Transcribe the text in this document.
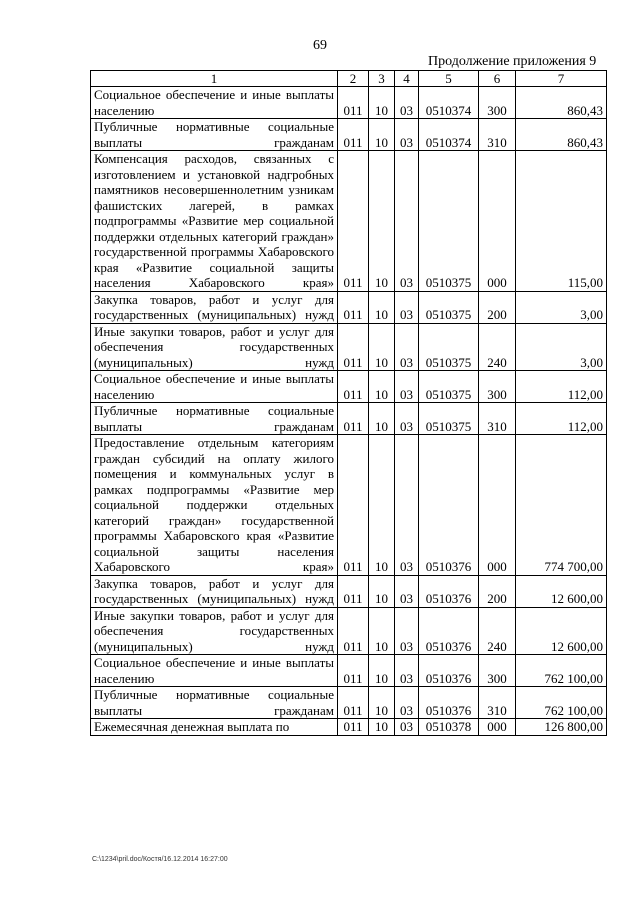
69
Продолжение приложения 9
1	2	3	4	5	6	7
Социальное обеспечение и иные выплаты населению	011	10	03	0510374	300	860,43
Публичные нормативные социальные выплаты гражданам	011	10	03	0510374	310	860,43
Компенсация расходов, связанных с изготовлением и установкой надгробных памятников несовершеннолетним узникам фашистских лагерей, в рамках подпрограммы «Развитие мер социальной поддержки отдельных категорий граждан» государственной программы Хабаровского края «Развитие социальной защиты населения Хабаровского края»	011	10	03	0510375	000	115,00
Закупка товаров, работ и услуг для государственных (муниципальных) нужд	011	10	03	0510375	200	3,00
Иные закупки товаров, работ и услуг для обеспечения государственных (муниципальных) нужд	011	10	03	0510375	240	3,00
Социальное обеспечение и иные выплаты населению	011	10	03	0510375	300	112,00
Публичные нормативные социальные выплаты гражданам	011	10	03	0510375	310	112,00
Предоставление отдельным категориям граждан субсидий на оплату жилого помещения и коммунальных услуг в рамках подпрограммы «Развитие мер социальной поддержки отдельных категорий граждан» государственной программы Хабаровского края «Развитие социальной защиты населения Хабаровского края»	011	10	03	0510376	000	774 700,00
Закупка товаров, работ и услуг для государственных (муниципальных) нужд	011	10	03	0510376	200	12 600,00
Иные закупки товаров, работ и услуг для обеспечения государственных (муниципальных) нужд	011	10	03	0510376	240	12 600,00
Социальное обеспечение и иные выплаты населению	011	10	03	0510376	300	762 100,00
Публичные нормативные социальные выплаты гражданам	011	10	03	0510376	310	762 100,00
Ежемесячная денежная выплата по	011	10	03	0510378	000	126 800,00
C:\1234\pril.doc/Костя/16.12.2014 16:27:00
